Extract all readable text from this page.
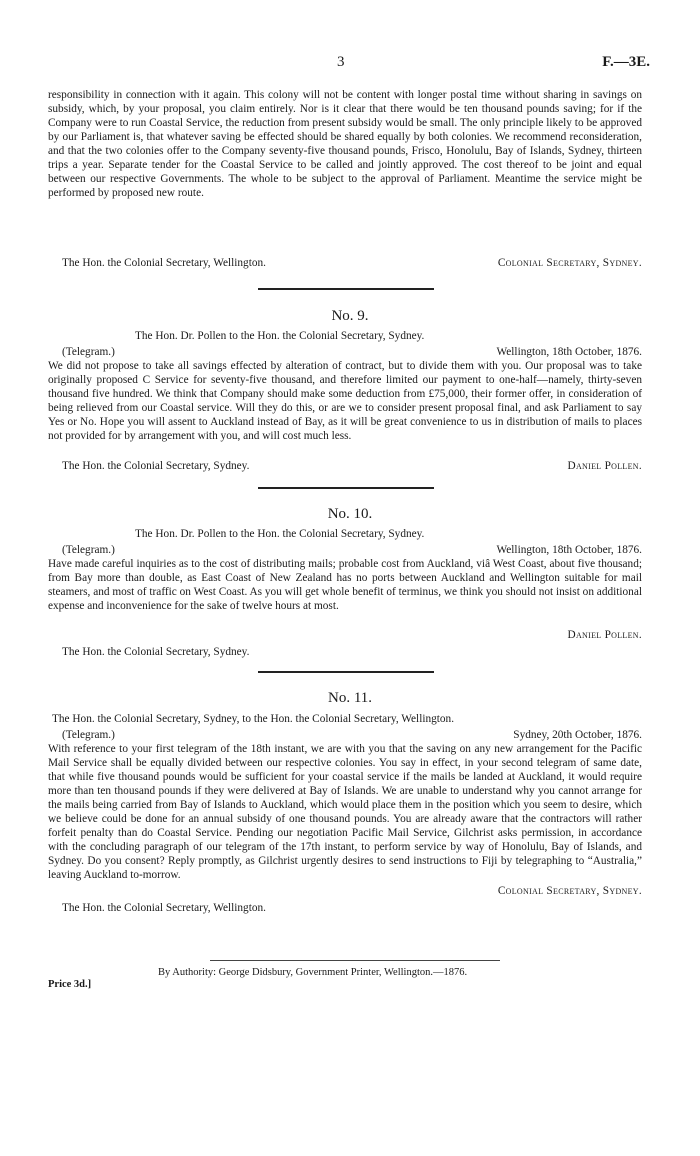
3	F.—3E.

responsibility in connection with it again. This colony will not be content with longer postal time without sharing in savings on subsidy, which, by your proposal, you claim entirely. Nor is it clear that there would be ten thousand pounds saving; for if the Company were to run Coastal Service, the reduction from present subsidy would be small. The only principle likely to be approved by our Parliament is, that whatever saving be effected should be shared equally by both colonies. We recommend reconsideration, and that the two colonies offer to the Company seventy-five thousand pounds, Frisco, Honolulu, Bay of Islands, Sydney, thirteen trips a year. Separate tender for the Coastal Service to be called and jointly approved. The cost thereof to be joint and equal between our respective Governments. The whole to be subject to the approval of Parliament. Meantime the service might be performed by proposed new route.

The Hon. the Colonial Secretary, Wellington.	Colonial Secretary, Sydney.
No. 9.
The Hon. Dr. Pollen to the Hon. the Colonial Secretary, Sydney.
(Telegram.)	Wellington, 18th October, 1876.

We did not propose to take all savings effected by alteration of contract, but to divide them with you. Our proposal was to take originally proposed C Service for seventy-five thousand, and therefore limited our payment to one-half—namely, thirty-seven thousand five hundred. We think that Company should make some deduction from £75,000, their former offer, in consideration of being relieved from our Coastal service. Will they do this, or are we to consider present proposal final, and ask Parliament to say Yes or No. Hope you will assent to Auckland instead of Bay, as it will be great convenience to us in distribution of mails to places not provided for by arrangement with you, and will cost much less.

The Hon. the Colonial Secretary, Sydney.	Daniel Pollen.
No. 10.
The Hon. Dr. Pollen to the Hon. the Colonial Secretary, Sydney.
(Telegram.)	Wellington, 18th October, 1876.

Have made careful inquiries as to the cost of distributing mails; probable cost from Auckland, viâ West Coast, about five thousand; from Bay more than double, as East Coast of New Zealand has no ports between Auckland and Wellington suitable for mail steamers, and most of traffic on West Coast. As you will get whole benefit of terminus, we think you should not insist on additional expense and inconvenience for the sake of twelve hours at most.

Daniel Pollen.
The Hon. the Colonial Secretary, Sydney.
No. 11.
The Hon. the Colonial Secretary, Sydney, to the Hon. the Colonial Secretary, Wellington.
(Telegram.)	Sydney, 20th October, 1876.

With reference to your first telegram of the 18th instant, we are with you that the saving on any new arrangement for the Pacific Mail Service shall be equally divided between our respective colonies. You say in effect, in your second telegram of same date, that while five thousand pounds would be sufficient for your coastal service if the mails be landed at Auckland, it would require more than ten thousand pounds if they were delivered at Bay of Islands. We are unable to understand why you cannot arrange for the mails being carried from Bay of Islands to Auckland, which would place them in the position which you seem to desire, which we believe could be done for an annual subsidy of one thousand pounds. You are already aware that the contractors will rather forfeit penalty than do Coastal Service. Pending our negotiation Pacific Mail Service, Gilchrist asks permission, in accordance with the concluding paragraph of our telegram of the 17th instant, to perform service by way of Honolulu, Bay of Islands, and Sydney. Do you consent? Reply promptly, as Gilchrist urgently desires to send instructions to Fiji by telegraphing to “Australia,” leaving Auckland to-morrow.

Colonial Secretary, Sydney.
The Hon. the Colonial Secretary, Wellington.
By Authority: George Didsbury, Government Printer, Wellington.—1876.
Price 3d.]
